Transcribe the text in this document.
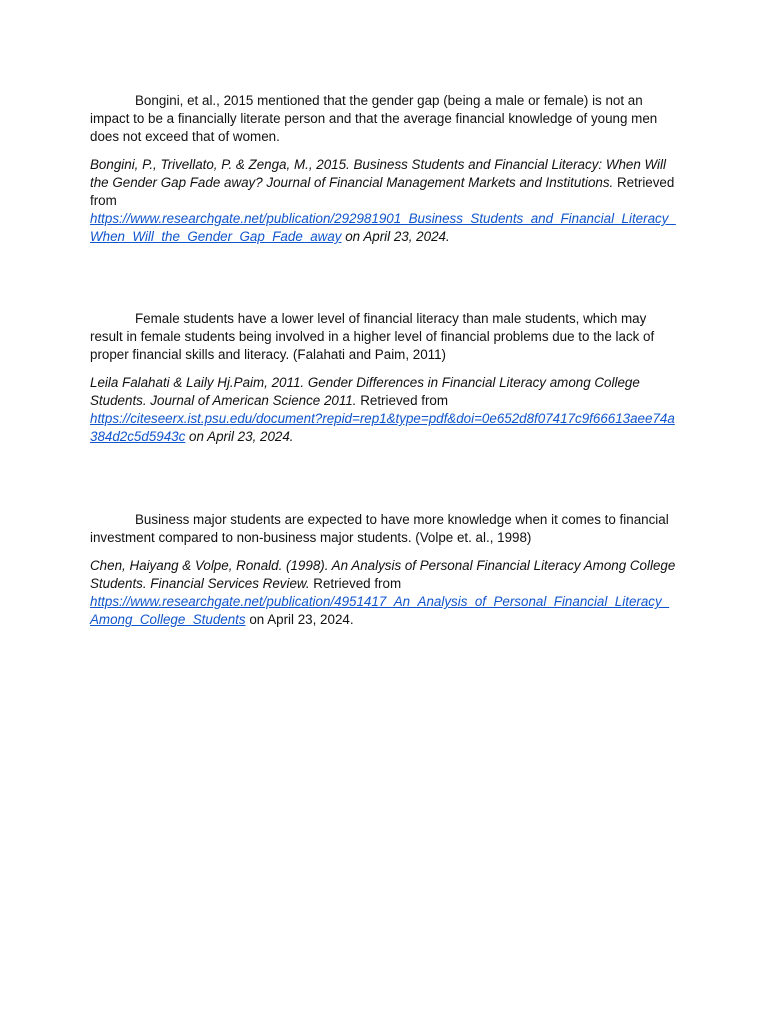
Bongini, et al., 2015 mentioned that the gender gap (being a male or female) is not an impact to be a financially literate person and that the average financial knowledge of young men does not exceed that of women.

Bongini, P., Trivellato, P. & Zenga, M., 2015. Business Students and Financial Literacy: When Will the Gender Gap Fade away? Journal of Financial Management Markets and Institutions. Retrieved from
https://www.researchgate.net/publication/292981901_Business_Students_and_Financial_Literacy_When_Will_the_Gender_Gap_Fade_away on April 23, 2024.

Female students have a lower level of financial literacy than male students, which may result in female students being involved in a higher level of financial problems due to the lack of proper financial skills and literacy. (Falahati and Paim, 2011)

Leila Falahati & Laily Hj.Paim, 2011. Gender Differences in Financial Literacy among College Students. Journal of American Science 2011. Retrieved from
https://citeseerx.ist.psu.edu/document?repid=rep1&type=pdf&doi=0e652d8f07417c9f66613aee74a384d2c5d5943c on April 23, 2024.

Business major students are expected to have more knowledge when it comes to financial investment compared to non-business major students. (Volpe et. al., 1998)

Chen, Haiyang & Volpe, Ronald. (1998). An Analysis of Personal Financial Literacy Among College Students. Financial Services Review. Retrieved from
https://www.researchgate.net/publication/4951417_An_Analysis_of_Personal_Financial_Literacy_Among_College_Students on April 23, 2024.
